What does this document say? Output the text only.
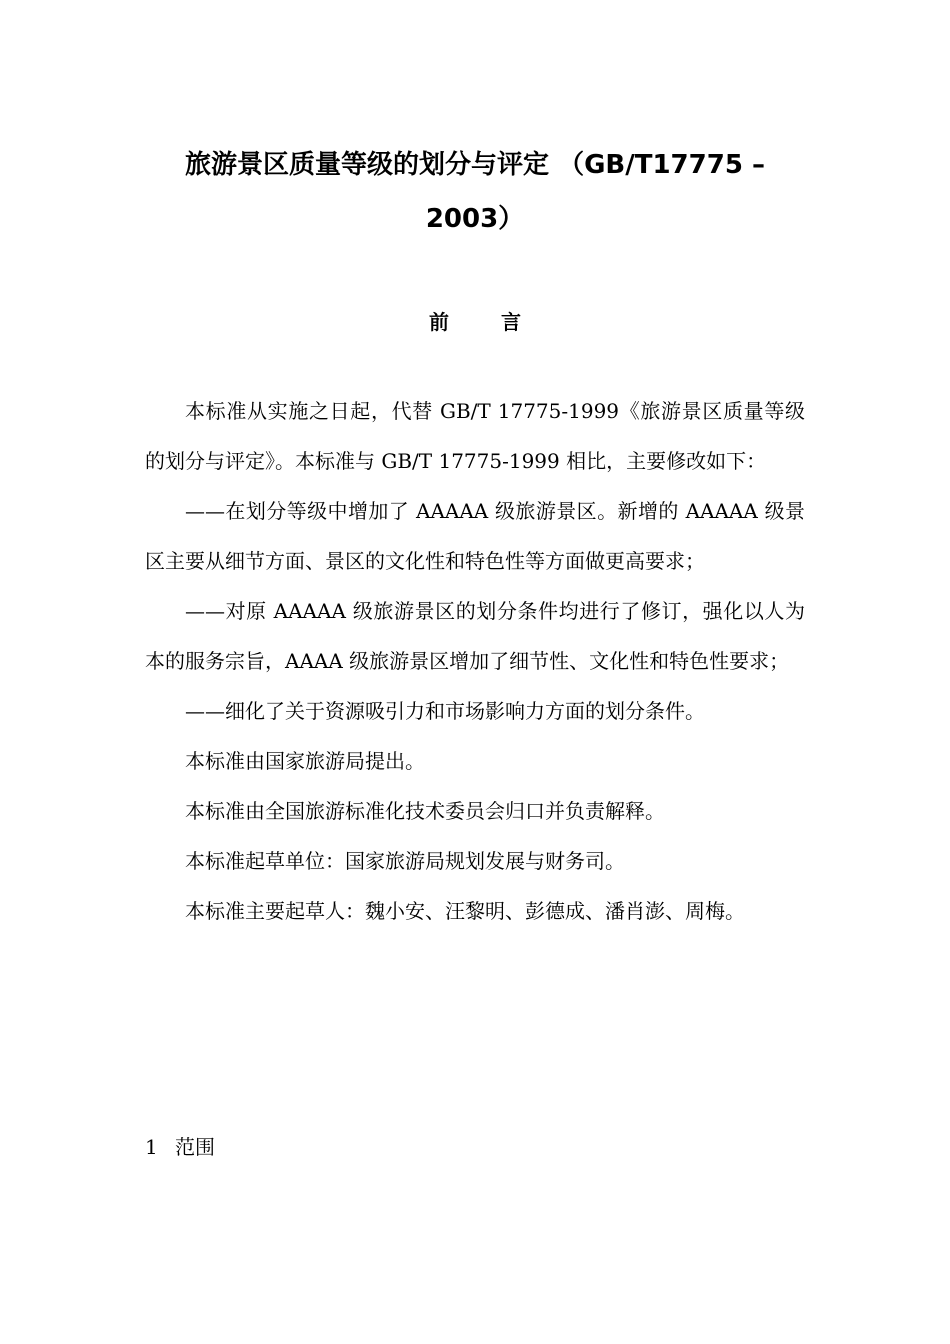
旅游景区质量等级的划分与评定 （GB/T17775 –2003）
前言

本标准从实施之日起，代替 GB/T 17775-1999《旅游景区质量等级的划分与评定》。本标准与 GB/T 17775-1999 相比，主要修改如下：

——在划分等级中增加了 AAAAA 级旅游景区。新增的 AAAAA 级景区主要从细节方面、景区的文化性和特色性等方面做更高要求；

——对原 AAAAA 级旅游景区的划分条件均进行了修订，强化以人为本的服务宗旨，AAAA 级旅游景区增加了细节性、文化性和特色性要求；

——细化了关于资源吸引力和市场影响力方面的划分条件。

本标准由国家旅游局提出。

本标准由全国旅游标准化技术委员会归口并负责解释。

本标准起草单位：国家旅游局规划发展与财务司。

本标准主要起草人：魏小安、汪黎明、彭德成、潘肖澎、周梅。

1 范围
